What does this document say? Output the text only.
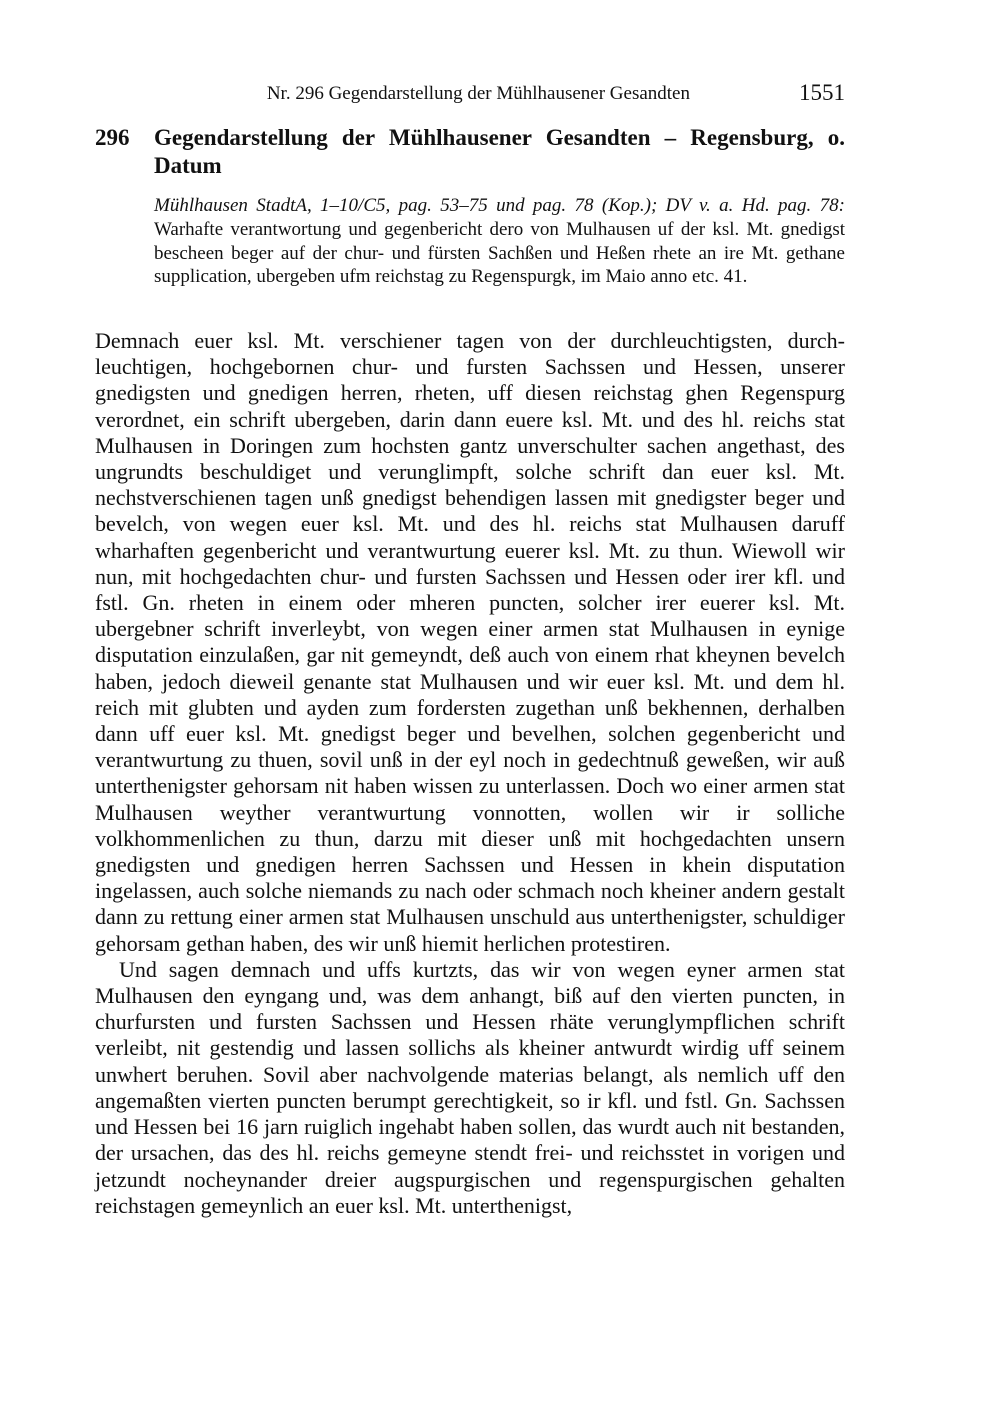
Nr. 296 Gegendarstellung der Mühlhausener Gesandten	1551
296 Gegendarstellung der Mühlhausener Gesandten – Regensburg, o. Datum
Mühlhausen StadtA, 1–10/C5, pag. 53–75 und pag. 78 (Kop.); DV v. a. Hd. pag. 78: Warhafte verantwortung und gegenbericht dero von Mulhausen uf der ksl. Mt. gnedigst bescheen beger auf der chur- und fürsten Sachßen und Heßen rhete an ire Mt. gethane supplication, ubergeben ufm reichstag zu Regenspurgk, im Maio anno etc. 41.

Demnach euer ksl. Mt. verschiener tagen von der durchleuchtigsten, durchleuchtigen, hochgebornen chur- und fursten Sachssen und Hessen, unserer gnedigsten und gnedigen herren, rheten, uff diesen reichstag ghen Regenspurg verordnet, ein schrift ubergeben, darin dann euere ksl. Mt. und des hl. reichs stat Mulhausen in Doringen zum hochsten gantz unverschulter sachen angethast, des ungrundts beschuldiget und verunglimpft, solche schrift dan euer ksl. Mt. nechstverschienen tagen unß gnedigst behendigen lassen mit gnedigster beger und bevelch, von wegen euer ksl. Mt. und des hl. reichs stat Mulhausen daruff wharhaften gegenbericht und verantwurtung euerer ksl. Mt. zu thun. Wiewoll wir nun, mit hochgedachten chur- und fursten Sachssen und Hessen oder irer kfl. und fstl. Gn. rheten in einem oder mheren puncten, solcher irer euerer ksl. Mt. ubergebner schrift inverleybt, von wegen einer armen stat Mulhausen in eynige disputation einzulaßen, gar nit gemeyndt, deß auch von einem rhat kheynen bevelch haben, jedoch dieweil genante stat Mulhausen und wir euer ksl. Mt. und dem hl. reich mit glubten und ayden zum fordersten zugethan unß bekhennen, derhalben dann uff euer ksl. Mt. gnedigst beger und bevelhen, solchen gegenbericht und verantwurtung zu thuen, sovil unß in der eyl noch in gedechtnuß geweßen, wir auß unterthenigster gehorsam nit haben wissen zu unterlassen. Doch wo einer armen stat Mulhausen weyther verantwurtung vonnotten, wollen wir ir solliche volkhommenlichen zu thun, darzu mit dieser unß mit hochgedachten unsern gnedigsten und gnedigen herren Sachssen und Hessen in khein disputation ingelassen, auch solche niemands zu nach oder schmach noch kheiner andern gestalt dann zu rettung einer armen stat Mulhausen unschuld aus unterthenigster, schuldiger gehorsam gethan haben, des wir unß hiemit herlichen protestiren.

Und sagen demnach und uffs kurtzts, das wir von wegen eyner armen stat Mulhausen den eyngang und, was dem anhangt, biß auf den vierten puncten, in churfursten und fursten Sachssen und Hessen rhäte verunglympflichen schrift verleibt, nit gestendig und lassen sollichs als kheiner antwurdt wirdig uff seinem unwhert beruhen. Sovil aber nachvolgende materias belangt, als nemlich uff den angemaßten vierten puncten berumpt gerechtigkeit, so ir kfl. und fstl. Gn. Sachssen und Hessen bei 16 jarn ruiglich ingehabt haben sollen, das wurdt auch nit bestanden, der ursachen, das des hl. reichs gemeyne stendt frei- und reichsstet in vorigen und jetzundt nocheynander dreier augspurgischen und regenspurgischen gehalten reichstagen gemeynlich an euer ksl. Mt. unterthenigst,
